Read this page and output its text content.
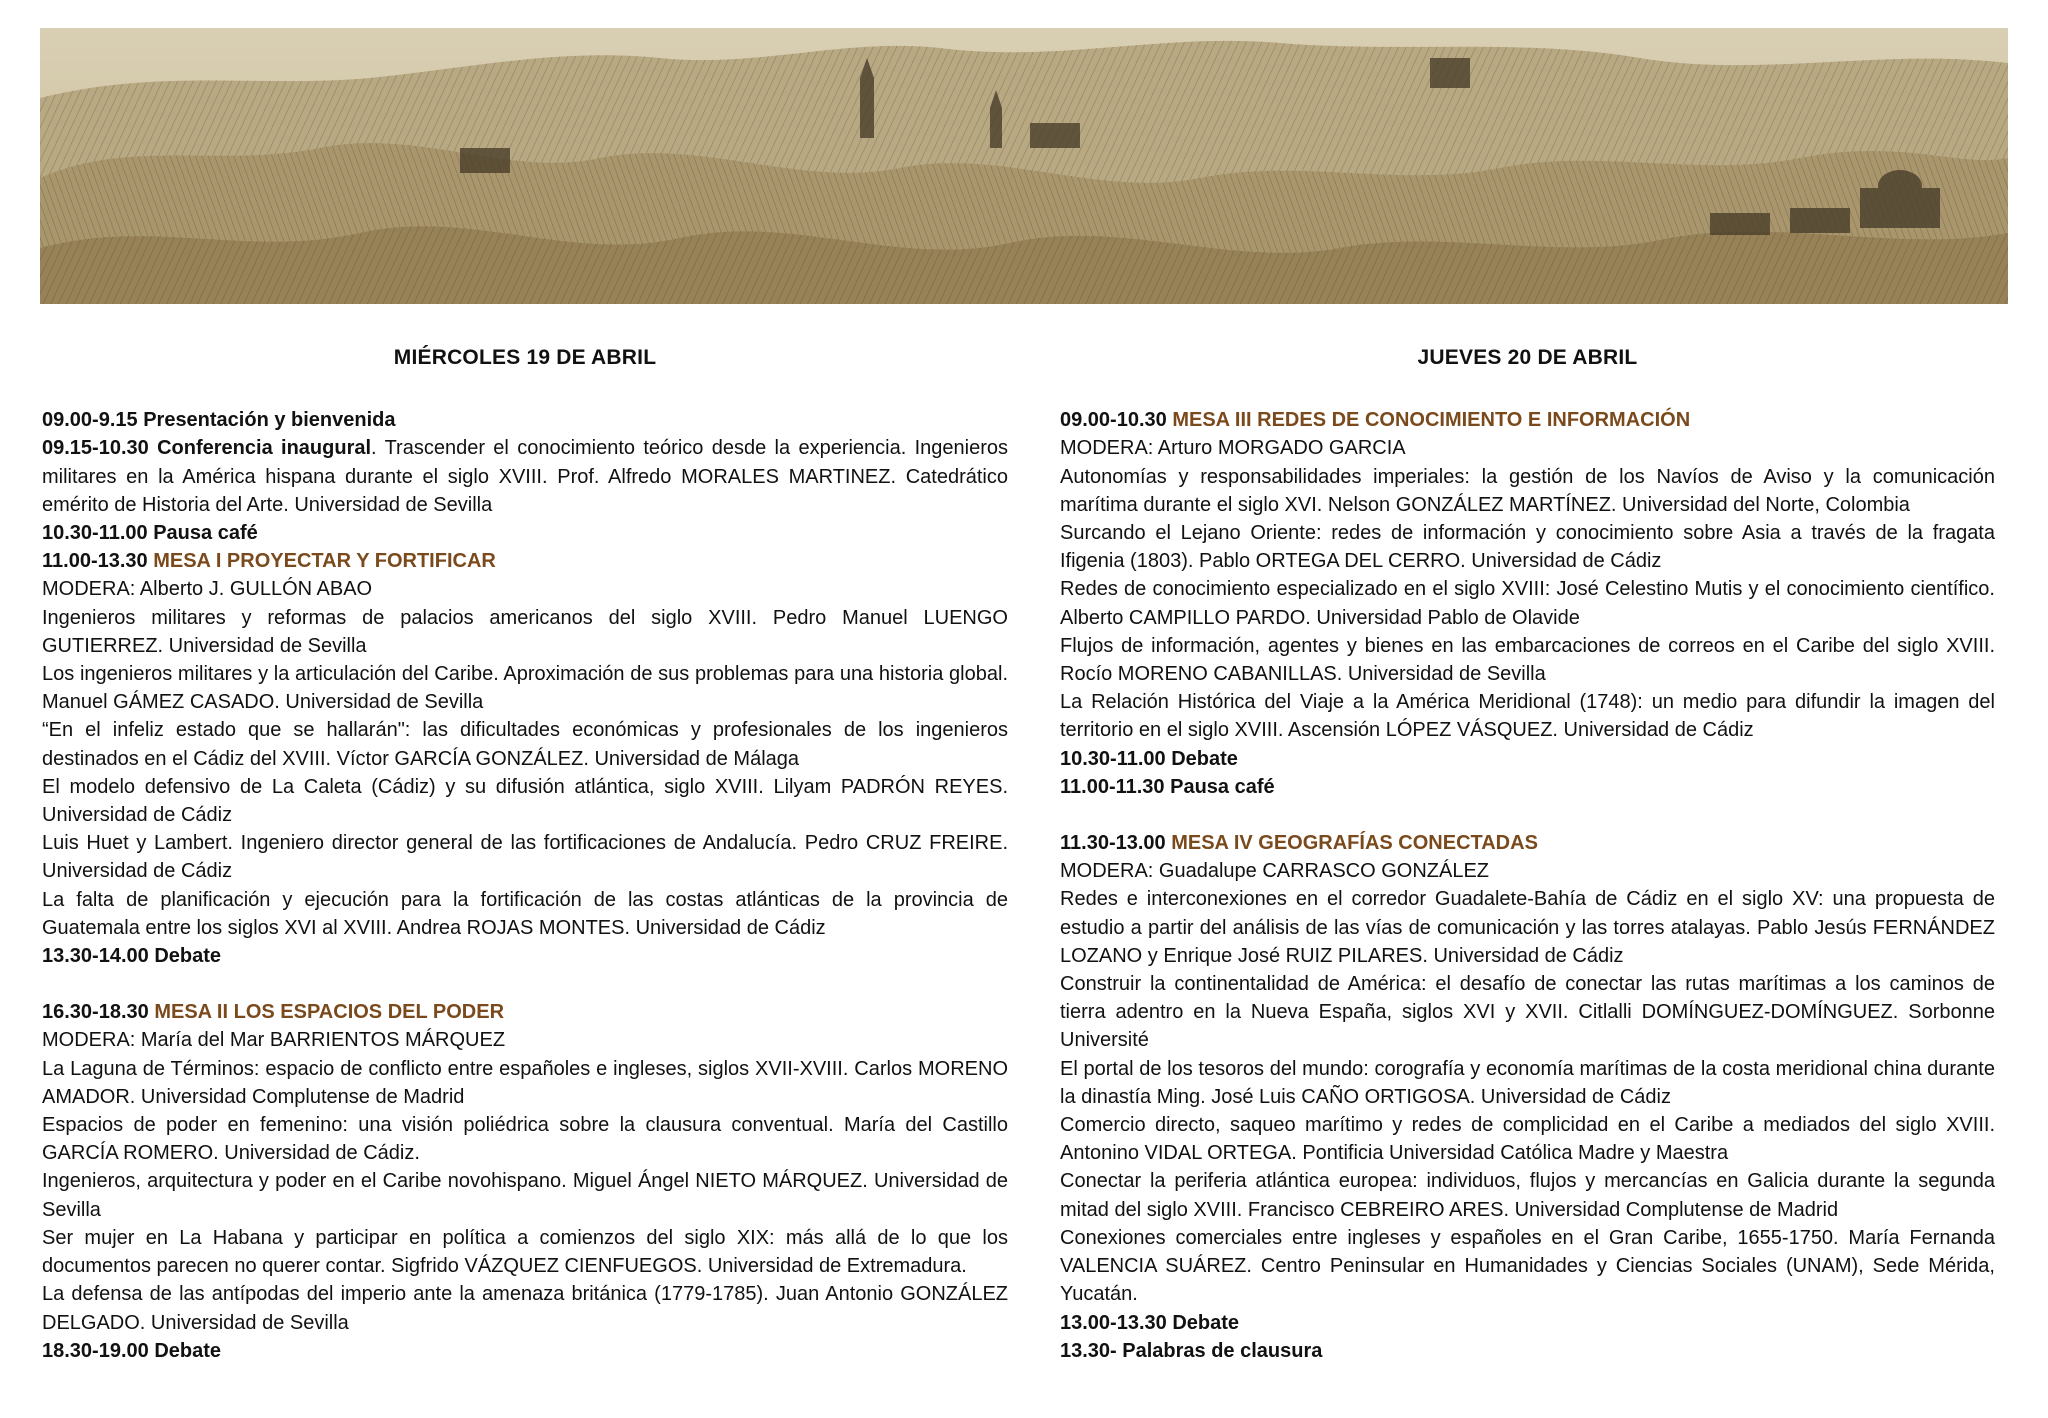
MIÉRCOLES 19 DE ABRIL

09.00-9.15 Presentación y bienvenida

09.15-10.30 Conferencia inaugural. Trascender el conocimiento teórico desde la experiencia. Ingenieros militares en la América hispana durante el siglo XVIII. Prof. Alfredo MORALES MARTINEZ. Catedrático emérito de Historia del Arte. Universidad de Sevilla

10.30-11.00 Pausa café

11.00-13.30 MESA I PROYECTAR Y FORTIFICAR

MODERA: Alberto J. GULLÓN ABAO

Ingenieros militares y reformas de palacios americanos del siglo XVIII. Pedro Manuel LUENGO GUTIERREZ. Universidad de Sevilla

Los ingenieros militares y la articulación del Caribe. Aproximación de sus problemas para una historia global. Manuel GÁMEZ CASADO. Universidad de Sevilla

“En el infeliz estado que se hallarán": las dificultades económicas y profesionales de los ingenieros destinados en el Cádiz del XVIII. Víctor GARCÍA GONZÁLEZ. Universidad de Málaga

El modelo defensivo de La Caleta (Cádiz) y su difusión atlántica, siglo XVIII. Lilyam PADRÓN REYES. Universidad de Cádiz

Luis Huet y Lambert. Ingeniero director general de las fortificaciones de Andalucía. Pedro CRUZ FREIRE. Universidad de Cádiz

La falta de planificación y ejecución para la fortificación de las costas atlánticas de la provincia de Guatemala entre los siglos XVI al XVIII. Andrea ROJAS MONTES. Universidad de Cádiz

13.30-14.00 Debate

16.30-18.30 MESA II LOS ESPACIOS DEL PODER

MODERA: María del Mar BARRIENTOS MÁRQUEZ

La Laguna de Términos: espacio de conflicto entre españoles e ingleses, siglos XVII-XVIII. Carlos MORENO AMADOR. Universidad Complutense de Madrid

Espacios de poder en femenino: una visión poliédrica sobre la clausura conventual. María del Castillo GARCÍA ROMERO. Universidad de Cádiz.

Ingenieros, arquitectura y poder en el Caribe novohispano. Miguel Ángel NIETO MÁRQUEZ. Universidad de Sevilla

Ser mujer en La Habana y participar en política a comienzos del siglo XIX: más allá de lo que los documentos parecen no querer contar. Sigfrido VÁZQUEZ CIENFUEGOS. Universidad de Extremadura.

La defensa de las antípodas del imperio ante la amenaza británica (1779-1785). Juan Antonio GONZÁLEZ DELGADO. Universidad de Sevilla

18.30-19.00 Debate

JUEVES 20 DE ABRIL

09.00-10.30 MESA III REDES DE CONOCIMIENTO E INFORMACIÓN

MODERA: Arturo MORGADO GARCIA

Autonomías y responsabilidades imperiales: la gestión de los Navíos de Aviso y la comunicación marítima durante el siglo XVI. Nelson GONZÁLEZ MARTÍNEZ. Universidad del Norte, Colombia

Surcando el Lejano Oriente: redes de información y conocimiento sobre Asia a través de la fragata Ifigenia (1803). Pablo ORTEGA DEL CERRO. Universidad de Cádiz

Redes de conocimiento especializado en el siglo XVIII: José Celestino Mutis y el conocimiento científico. Alberto CAMPILLO PARDO. Universidad Pablo de Olavide

Flujos de información, agentes y bienes en las embarcaciones de correos en el Caribe del siglo XVIII. Rocío MORENO CABANILLAS. Universidad de Sevilla

La Relación Histórica del Viaje a la América Meridional (1748): un medio para difundir la imagen del territorio en el siglo XVIII. Ascensión LÓPEZ VÁSQUEZ. Universidad de Cádiz

10.30-11.00 Debate

11.00-11.30 Pausa café

11.30-13.00 MESA IV GEOGRAFÍAS CONECTADAS

MODERA: Guadalupe CARRASCO GONZÁLEZ

Redes e interconexiones en el corredor Guadalete-Bahía de Cádiz en el siglo XV: una propuesta de estudio a partir del análisis de las vías de comunicación y las torres atalayas. Pablo Jesús FERNÁNDEZ LOZANO y Enrique José RUIZ PILARES. Universidad de Cádiz

Construir la continentalidad de América: el desafío de conectar las rutas marítimas a los caminos de tierra adentro en la Nueva España, siglos XVI y XVII. Citlalli DOMÍNGUEZ-DOMÍNGUEZ. Sorbonne Université

El portal de los tesoros del mundo: corografía y economía marítimas de la costa meridional china durante la dinastía Ming. José Luis CAÑO ORTIGOSA. Universidad de Cádiz

Comercio directo, saqueo marítimo y redes de complicidad en el Caribe a mediados del siglo XVIII. Antonino VIDAL ORTEGA. Pontificia Universidad Católica Madre y Maestra

Conectar la periferia atlántica europea: individuos, flujos y mercancías en Galicia durante la segunda mitad del siglo XVIII. Francisco CEBREIRO ARES. Universidad Complutense de Madrid

Conexiones comerciales entre ingleses y españoles en el Gran Caribe, 1655-1750. María Fernanda VALENCIA SUÁREZ. Centro Peninsular en Humanidades y Ciencias Sociales (UNAM), Sede Mérida, Yucatán.

13.00-13.30 Debate

13.30- Palabras de clausura
